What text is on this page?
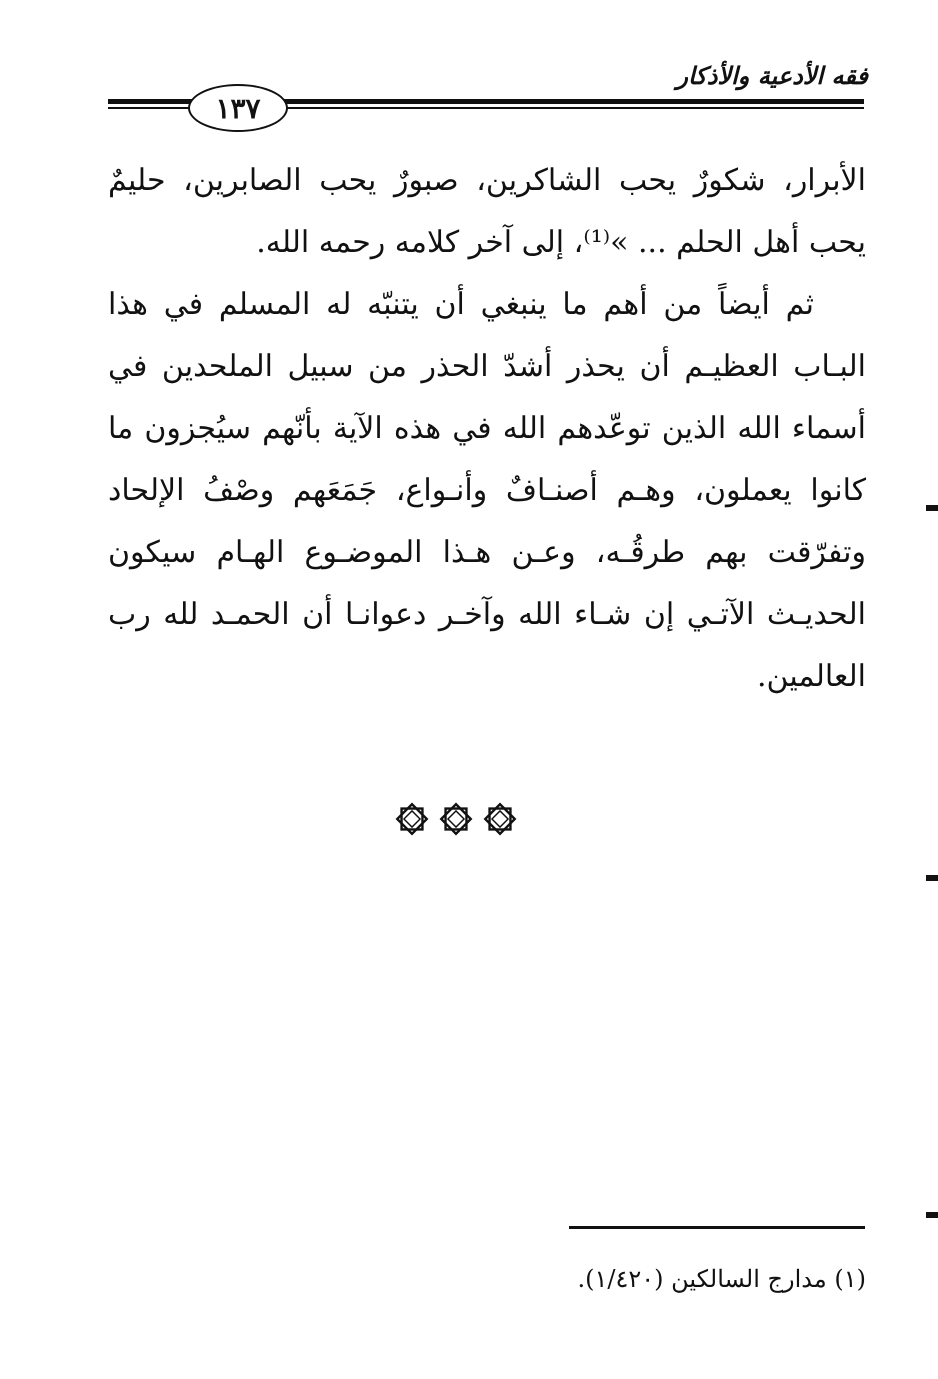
فقه الأدعية والأذكار
١٣٧

الأبرار، شكورٌ يحب الشاكرين، صبورٌ يحب الصابرين، حليمٌ يحب أهل الحلم ... »⁽¹⁾، إلى آخر كلامه رحمه الله.

ثم أيضاً من أهم ما ينبغي أن يتنبّه له المسلم في هذا البـاب العظيـم أن يحذر أشدّ الحذر من سبيل الملحدين في أسماء الله الذين توعّدهم الله في هذه الآية بأنّهم سيُجزون ما كانوا يعملون، وهـم أصنـافٌ وأنـواع، جَمَعَهم وصْفُ الإلحاد وتفرّقت بهم طرقُـه، وعـن هـذا الموضـوع الهـام سيكون الحديـث الآتـي إن شـاء الله وآخـر دعوانـا أن الحمـد لله رب العالمين.

(١) مدارج السالكين (١/٤٢٠).
